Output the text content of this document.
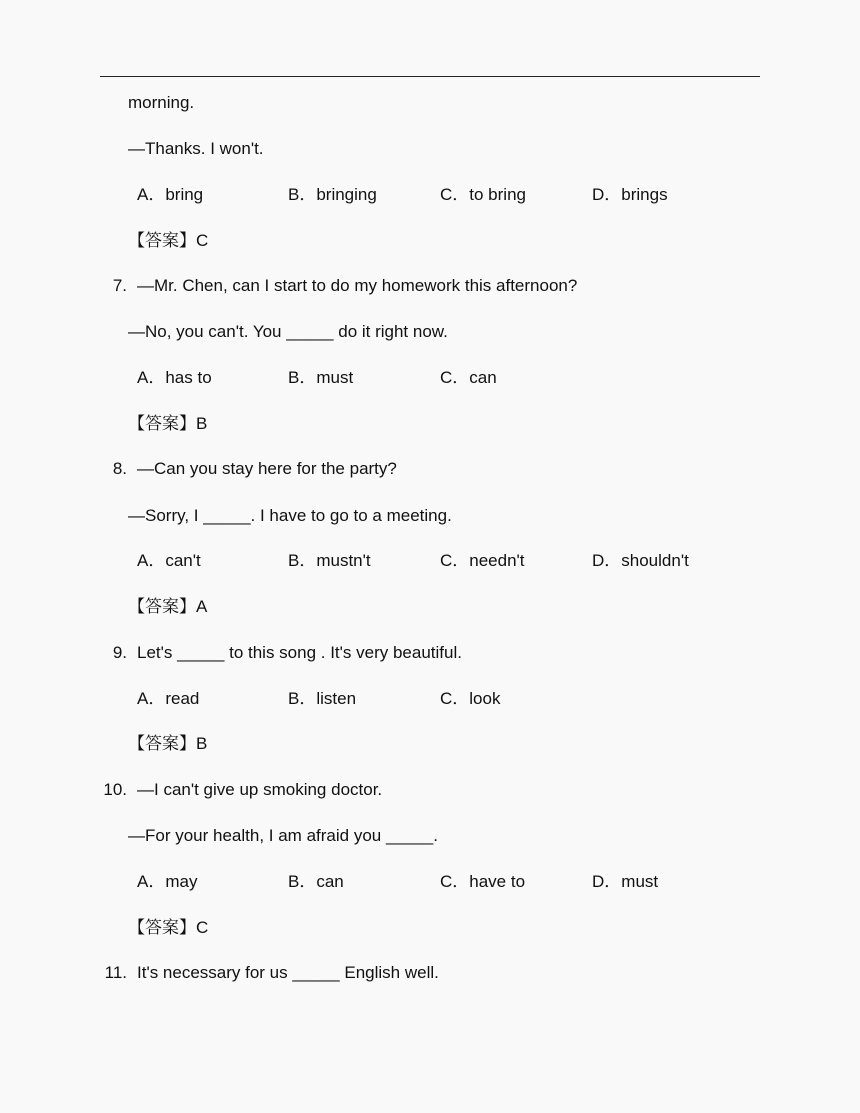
morning.
—Thanks. I won't.
A．bring	B．bringing	C．to bring	D．brings
【答案】C
7. —Mr. Chen, can I start to do my homework this afternoon?
—No, you can't. You _____ do it right now.
A．has to	B．must	C．can
【答案】B
8. —Can you stay here for the party?
—Sorry, I _____. I have to go to a meeting.
A．can't	B．mustn't	C．needn't	D．shouldn't
【答案】A
9. Let's _____ to this song . It's very beautiful.
A．read	B．listen	C．look
【答案】B
10. —I can't give up smoking doctor.
—For your health, I am afraid you _____.
A．may	B．can	C．have to	D．must
【答案】C
11. It's necessary for us _____ English well.
